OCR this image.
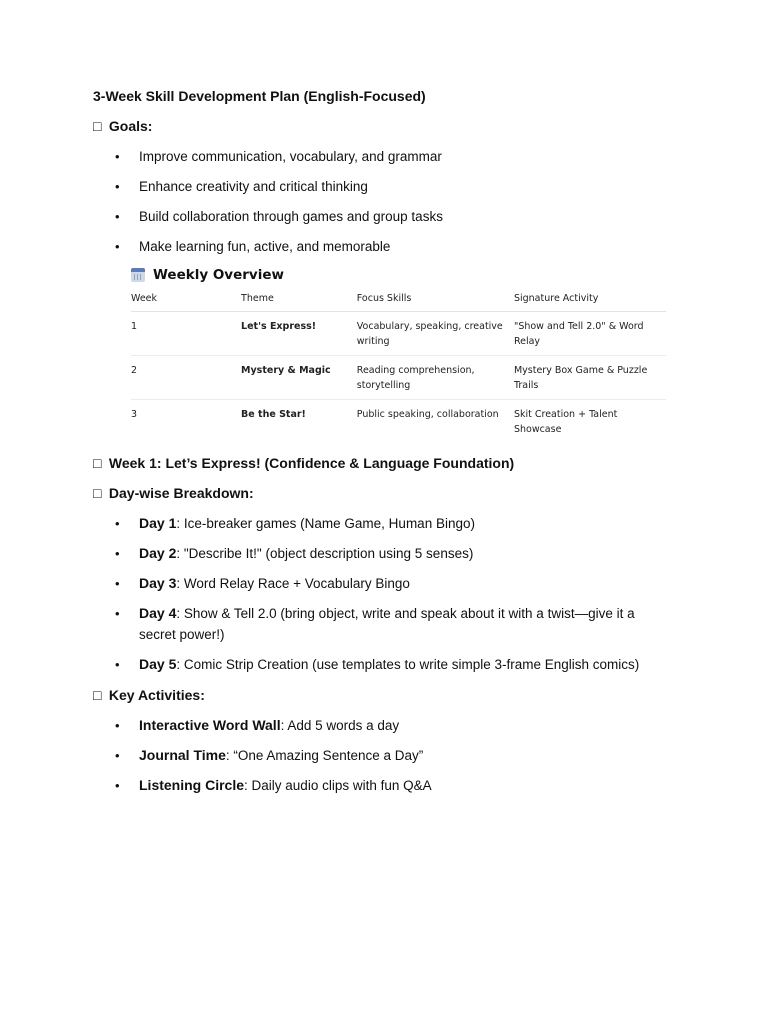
3-Week Skill Development Plan (English-Focused)

□ Goals:

• Improve communication, vocabulary, and grammar
• Enhance creativity and critical thinking
• Build collaboration through games and group tasks
• Make learning fun, active, and memorable
Weekly Overview
Week	Theme	Focus Skills	Signature Activity
1	Let's Express!	Vocabulary, speaking, creative writing	"Show and Tell 2.0" & Word Relay
2	Mystery & Magic	Reading comprehension, storytelling	Mystery Box Game & Puzzle Trails
3	Be the Star!	Public speaking, collaboration	Skit Creation + Talent Showcase

□ Week 1: Let’s Express! (Confidence & Language Foundation)

□ Day-wise Breakdown:

• Day 1: Ice-breaker games (Name Game, Human Bingo)
• Day 2: "Describe It!" (object description using 5 senses)
• Day 3: Word Relay Race + Vocabulary Bingo
• Day 4: Show & Tell 2.0 (bring object, write and speak about it with a twist—give it a secret power!)
• Day 5: Comic Strip Creation (use templates to write simple 3-frame English comics)

□ Key Activities:

• Interactive Word Wall: Add 5 words a day
• Journal Time: “One Amazing Sentence a Day”
• Listening Circle: Daily audio clips with fun Q&A
